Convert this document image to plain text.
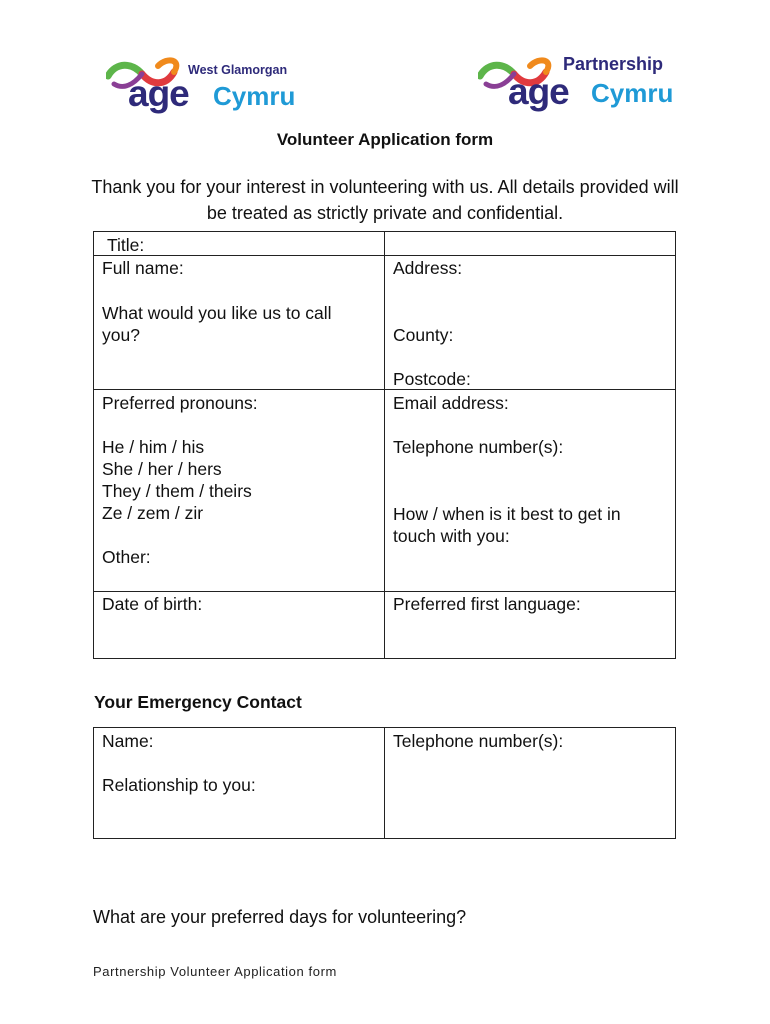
West Glamorgan
age Cymru
Partnership
age Cymru
Volunteer Application form
Thank you for your interest in volunteering with us. All details provided will be treated as strictly private and confidential.
Title:
Full name:
What would you like us to call
you?
Preferred pronouns:
He / him / his
She / her / hers
They / them / theirs
Ze / zem / zir
Other:
Date of birth:
Address:
County:
Postcode:
Email address:
Telephone number(s):
How / when is it best to get in
touch with you:
Preferred first language:
Your Emergency Contact
Name:
Relationship to you:
Telephone number(s):
What are your preferred days for volunteering?
Partnership Volunteer Application form
